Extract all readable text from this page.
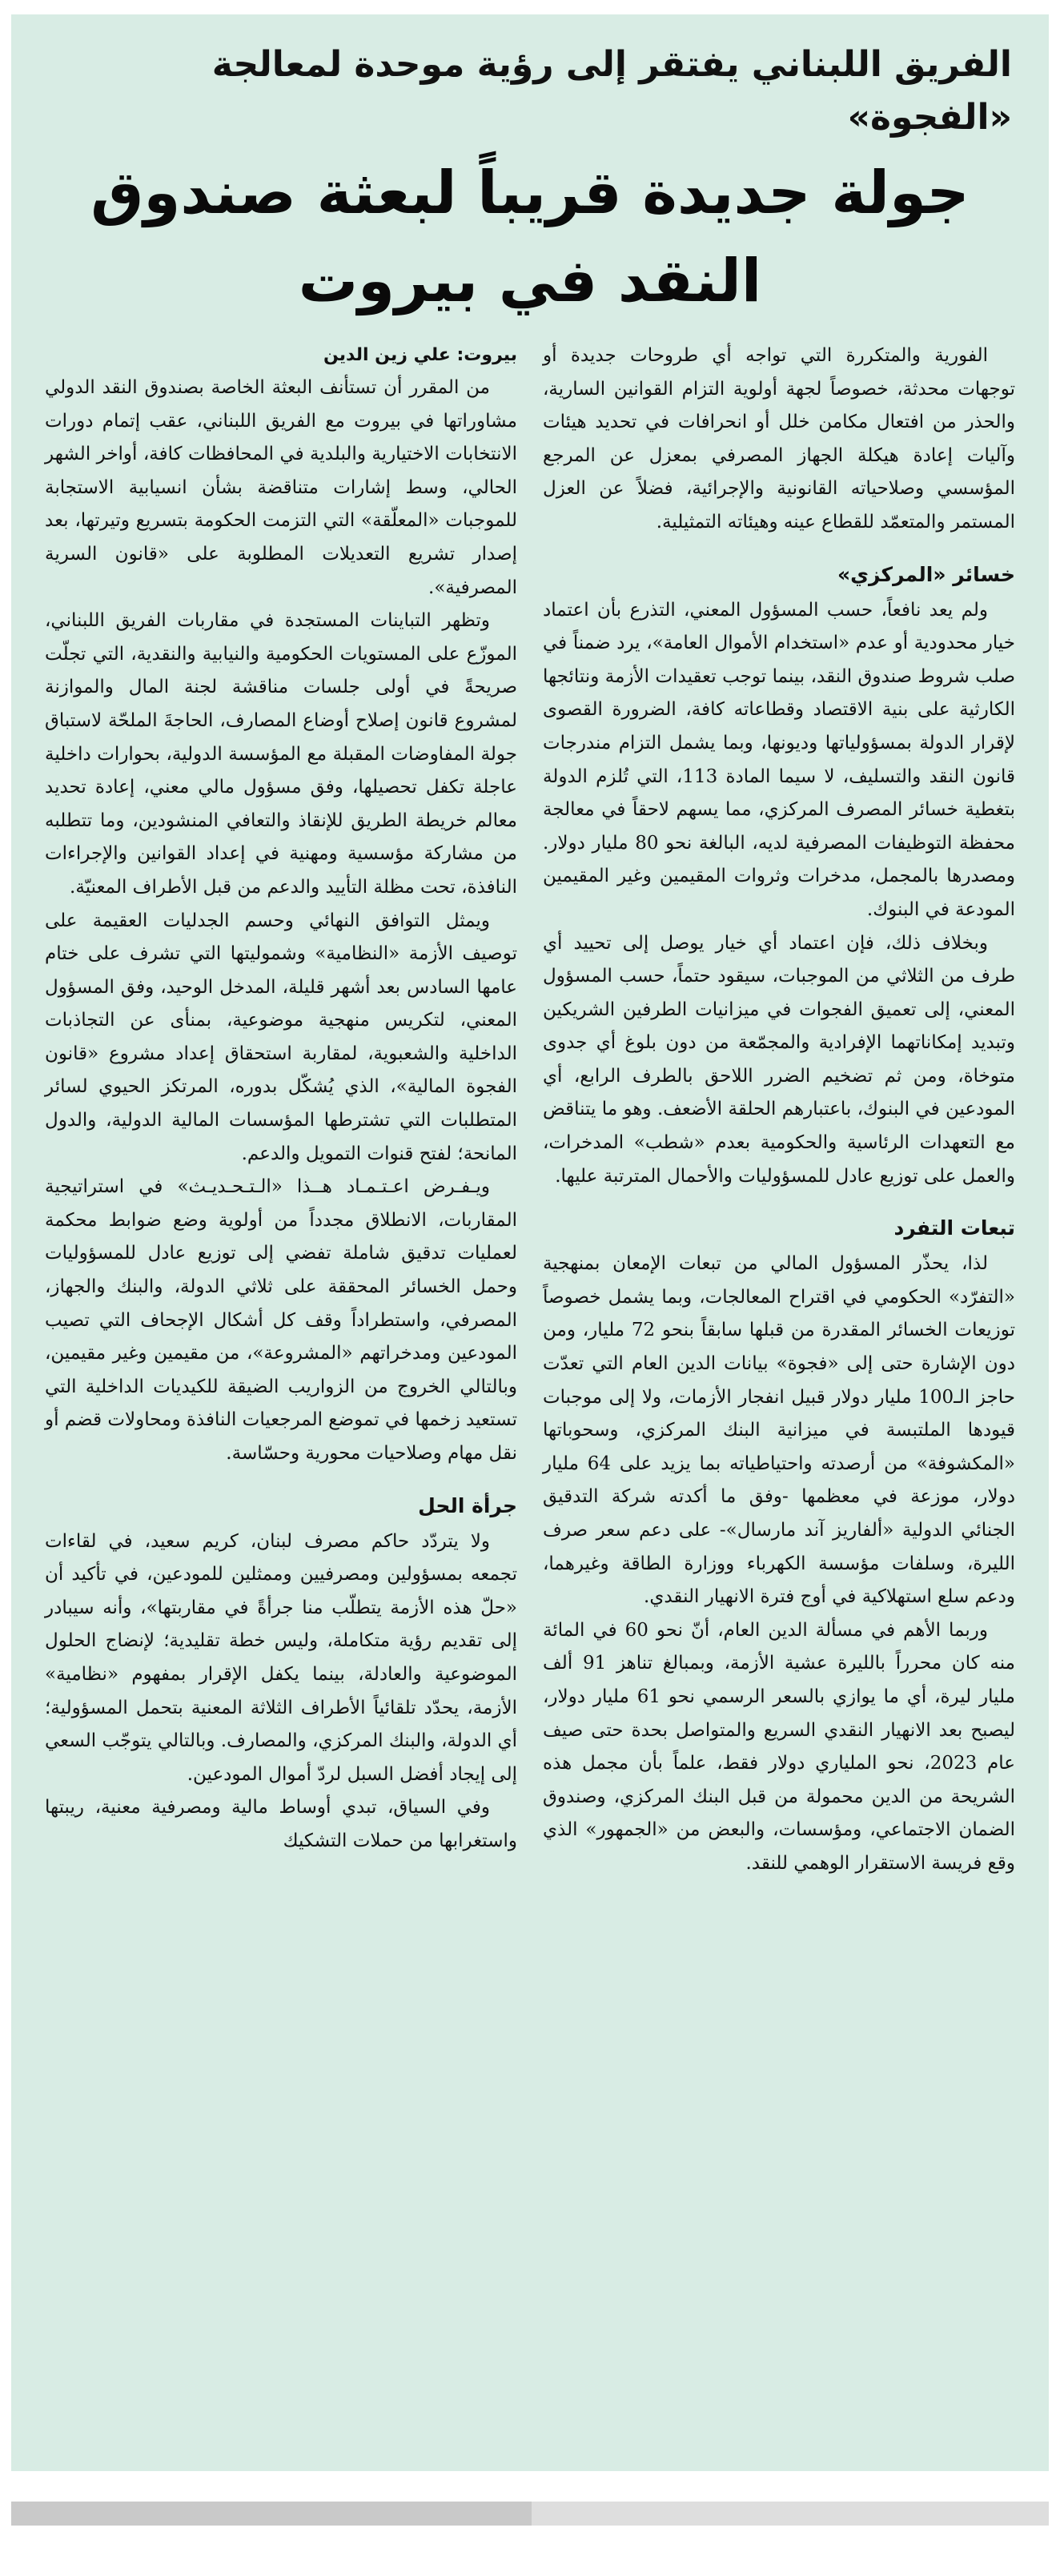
الفريق اللبناني يفتقر إلى رؤية موحدة لمعالجة «الفجوة»
جولة جديدة قريباً لبعثة صندوق النقد في بيروت

بيروت: علي زين الدين

من المقرر أن تستأنف البعثة الخاصة بصندوق النقد الدولي مشاوراتها في بيروت مع الفريق اللبناني، عقب إتمام دورات الانتخابات الاختيارية والبلدية في المحافظات كافة، أواخر الشهر الحالي، وسط إشارات متناقضة بشأن انسيابية الاستجابة للموجبات «المعلّقة» التي التزمت الحكومة بتسريع وتيرتها، بعد إصدار تشريع التعديلات المطلوبة على «قانون السرية المصرفية».

وتظهر التباينات المستجدة في مقاربات الفريق اللبناني، الموزّع على المستويات الحكومية والنيابية والنقدية، التي تجلّت صريحةً في أولى جلسات مناقشة لجنة المال والموازنة لمشروع قانون إصلاح أوضاع المصارف، الحاجةَ الملحّة لاستباق جولة المفاوضات المقبلة مع المؤسسة الدولية، بحوارات داخلية عاجلة تكفل تحصيلها، وفق مسؤول مالي معني، إعادة تحديد معالم خريطة الطريق للإنقاذ والتعافي المنشودين، وما تتطلبه من مشاركة مؤسسية ومهنية في إعداد القوانين والإجراءات النافذة، تحت مظلة التأييد والدعم من قبل الأطراف المعنيّة.

ويمثل التوافق النهائي وحسم الجدليات العقيمة على توصيف الأزمة «النظامية» وشموليتها التي تشرف على ختام عامها السادس بعد أشهر قليلة، المدخل الوحيد، وفق المسؤول المعني، لتكريس منهجية موضوعية، بمنأى عن التجاذبات الداخلية والشعبوية، لمقاربة استحقاق إعداد مشروع «قانون الفجوة المالية»، الذي يُشكّل بدوره، المرتكز الحيوي لسائر المتطلبات التي تشترطها المؤسسات المالية الدولية، والدول المانحة؛ لفتح قنوات التمويل والدعم.

ويـفـرض اعـتـمـاد هــذا «الـتـحـديـث» في استراتيجية المقاربات، الانطلاق مجدداً من أولوية وضع ضوابط محكمة لعمليات تدقيق شاملة تفضي إلى توزيع عادل للمسؤوليات وحمل الخسائر المحققة على ثلاثي الدولة، والبنك والجهاز، المصرفي، واستطراداً وقف كل أشكال الإجحاف التي تصيب المودعين ومدخراتهم «المشروعة»، من مقيمين وغير مقيمين، وبالتالي الخروج من الزواريب الضيقة للكيديات الداخلية التي تستعيد زخمها في تموضع المرجعيات النافذة ومحاولات قضم أو نقل مهام وصلاحيات محورية وحسّاسة.

جرأة الحل

ولا يتردّد حاكم مصرف لبنان، كريم سعيد، في لقاءات تجمعه بمسؤولين ومصرفيين وممثلين للمودعين، في تأكيد أن «حلّ هذه الأزمة يتطلّب منا جرأةً في مقاربتها»، وأنه سيبادر إلى تقديم رؤية متكاملة، وليس خطة تقليدية؛ لإنضاج الحلول الموضوعية والعادلة، بينما يكفل الإقرار بمفهوم «نظامية» الأزمة، يحدّد تلقائياً الأطراف الثلاثة المعنية بتحمل المسؤولية؛ أي الدولة، والبنك المركزي، والمصارف. وبالتالي يتوجّب السعي إلى إيجاد أفضل السبل لردّ أموال المودعين.

وفي السياق، تبدي أوساط مالية ومصرفية معنية، ريبتها واستغرابها من حملات التشكيك

الفورية والمتكررة التي تواجه أي طروحات جديدة أو توجهات محدثة، خصوصاً لجهة أولوية التزام القوانين السارية، والحذر من افتعال مكامن خلل أو انحرافات في تحديد هيئات وآليات إعادة هيكلة الجهاز المصرفي بمعزل عن المرجع المؤسسي وصلاحياته القانونية والإجرائية، فضلاً عن العزل المستمر والمتعمّد للقطاع عينه وهيئاته التمثيلية.

خسائر «المركزي»

ولم يعد نافعاً، حسب المسؤول المعني، التذرع بأن اعتماد خيار محدودية أو عدم «استخدام الأموال العامة»، يرد ضمناً في صلب شروط صندوق النقد، بينما توجب تعقيدات الأزمة ونتائجها الكارثية على بنية الاقتصاد وقطاعاته كافة، الضرورة القصوى لإقرار الدولة بمسؤولياتها وديونها، وبما يشمل التزام مندرجات قانون النقد والتسليف، لا سيما المادة 113، التي تُلزم الدولة بتغطية خسائر المصرف المركزي، مما يسهم لاحقاً في معالجة محفظة التوظيفات المصرفية لديه، البالغة نحو 80 مليار دولار. ومصدرها بالمجمل، مدخرات وثروات المقيمين وغير المقيمين المودعة في البنوك.

وبخلاف ذلك، فإن اعتماد أي خيار يوصل إلى تحييد أي طرف من الثلاثي من الموجبات، سيقود حتماً، حسب المسؤول المعني، إلى تعميق الفجوات في ميزانيات الطرفين الشريكين وتبديد إمكاناتهما الإفرادية والمجمّعة من دون بلوغ أي جدوى متوخاة، ومن ثم تضخيم الضرر اللاحق بالطرف الرابع، أي المودعين في البنوك، باعتبارهم الحلقة الأضعف. وهو ما يتناقض مع التعهدات الرئاسية والحكومية بعدم «شطب» المدخرات، والعمل على توزيع عادل للمسؤوليات والأحمال المترتبة عليها.

تبعات التفرد

لذا، يحذّر المسؤول المالي من تبعات الإمعان بمنهجية «التفرّد» الحكومي في اقتراح المعالجات، وبما يشمل خصوصاً توزيعات الخسائر المقدرة من قبلها سابقاً بنحو 72 مليار، ومن دون الإشارة حتى إلى «فجوة» بيانات الدين العام التي تعدّت حاجز الـ100 مليار دولار قبيل انفجار الأزمات، ولا إلى موجبات قيودها الملتبسة في ميزانية البنك المركزي، وسحوباتها «المكشوفة» من أرصدته واحتياطياته بما يزيد على 64 مليار دولار، موزعة في معظمها -وفق ما أكدته شركة التدقيق الجنائي الدولية «ألفاريز آند مارسال»- على دعم سعر صرف الليرة، وسلفات مؤسسة الكهرباء ووزارة الطاقة وغيرهما، ودعم سلع استهلاكية في أوج فترة الانهيار النقدي.

وربما الأهم في مسألة الدين العام، أنّ نحو 60 في المائة منه كان محرراً بالليرة عشية الأزمة، وبمبالغ تناهز 91 ألف مليار ليرة، أي ما يوازي بالسعر الرسمي نحو 61 مليار دولار، ليصبح بعد الانهيار النقدي السريع والمتواصل بحدة حتى صيف عام 2023، نحو الملياري دولار فقط، علماً بأن مجمل هذه الشريحة من الدين محمولة من قبل البنك المركزي، وصندوق الضمان الاجتماعي، ومؤسسات، والبعض من «الجمهور» الذي وقع فريسة الاستقرار الوهمي للنقد.
